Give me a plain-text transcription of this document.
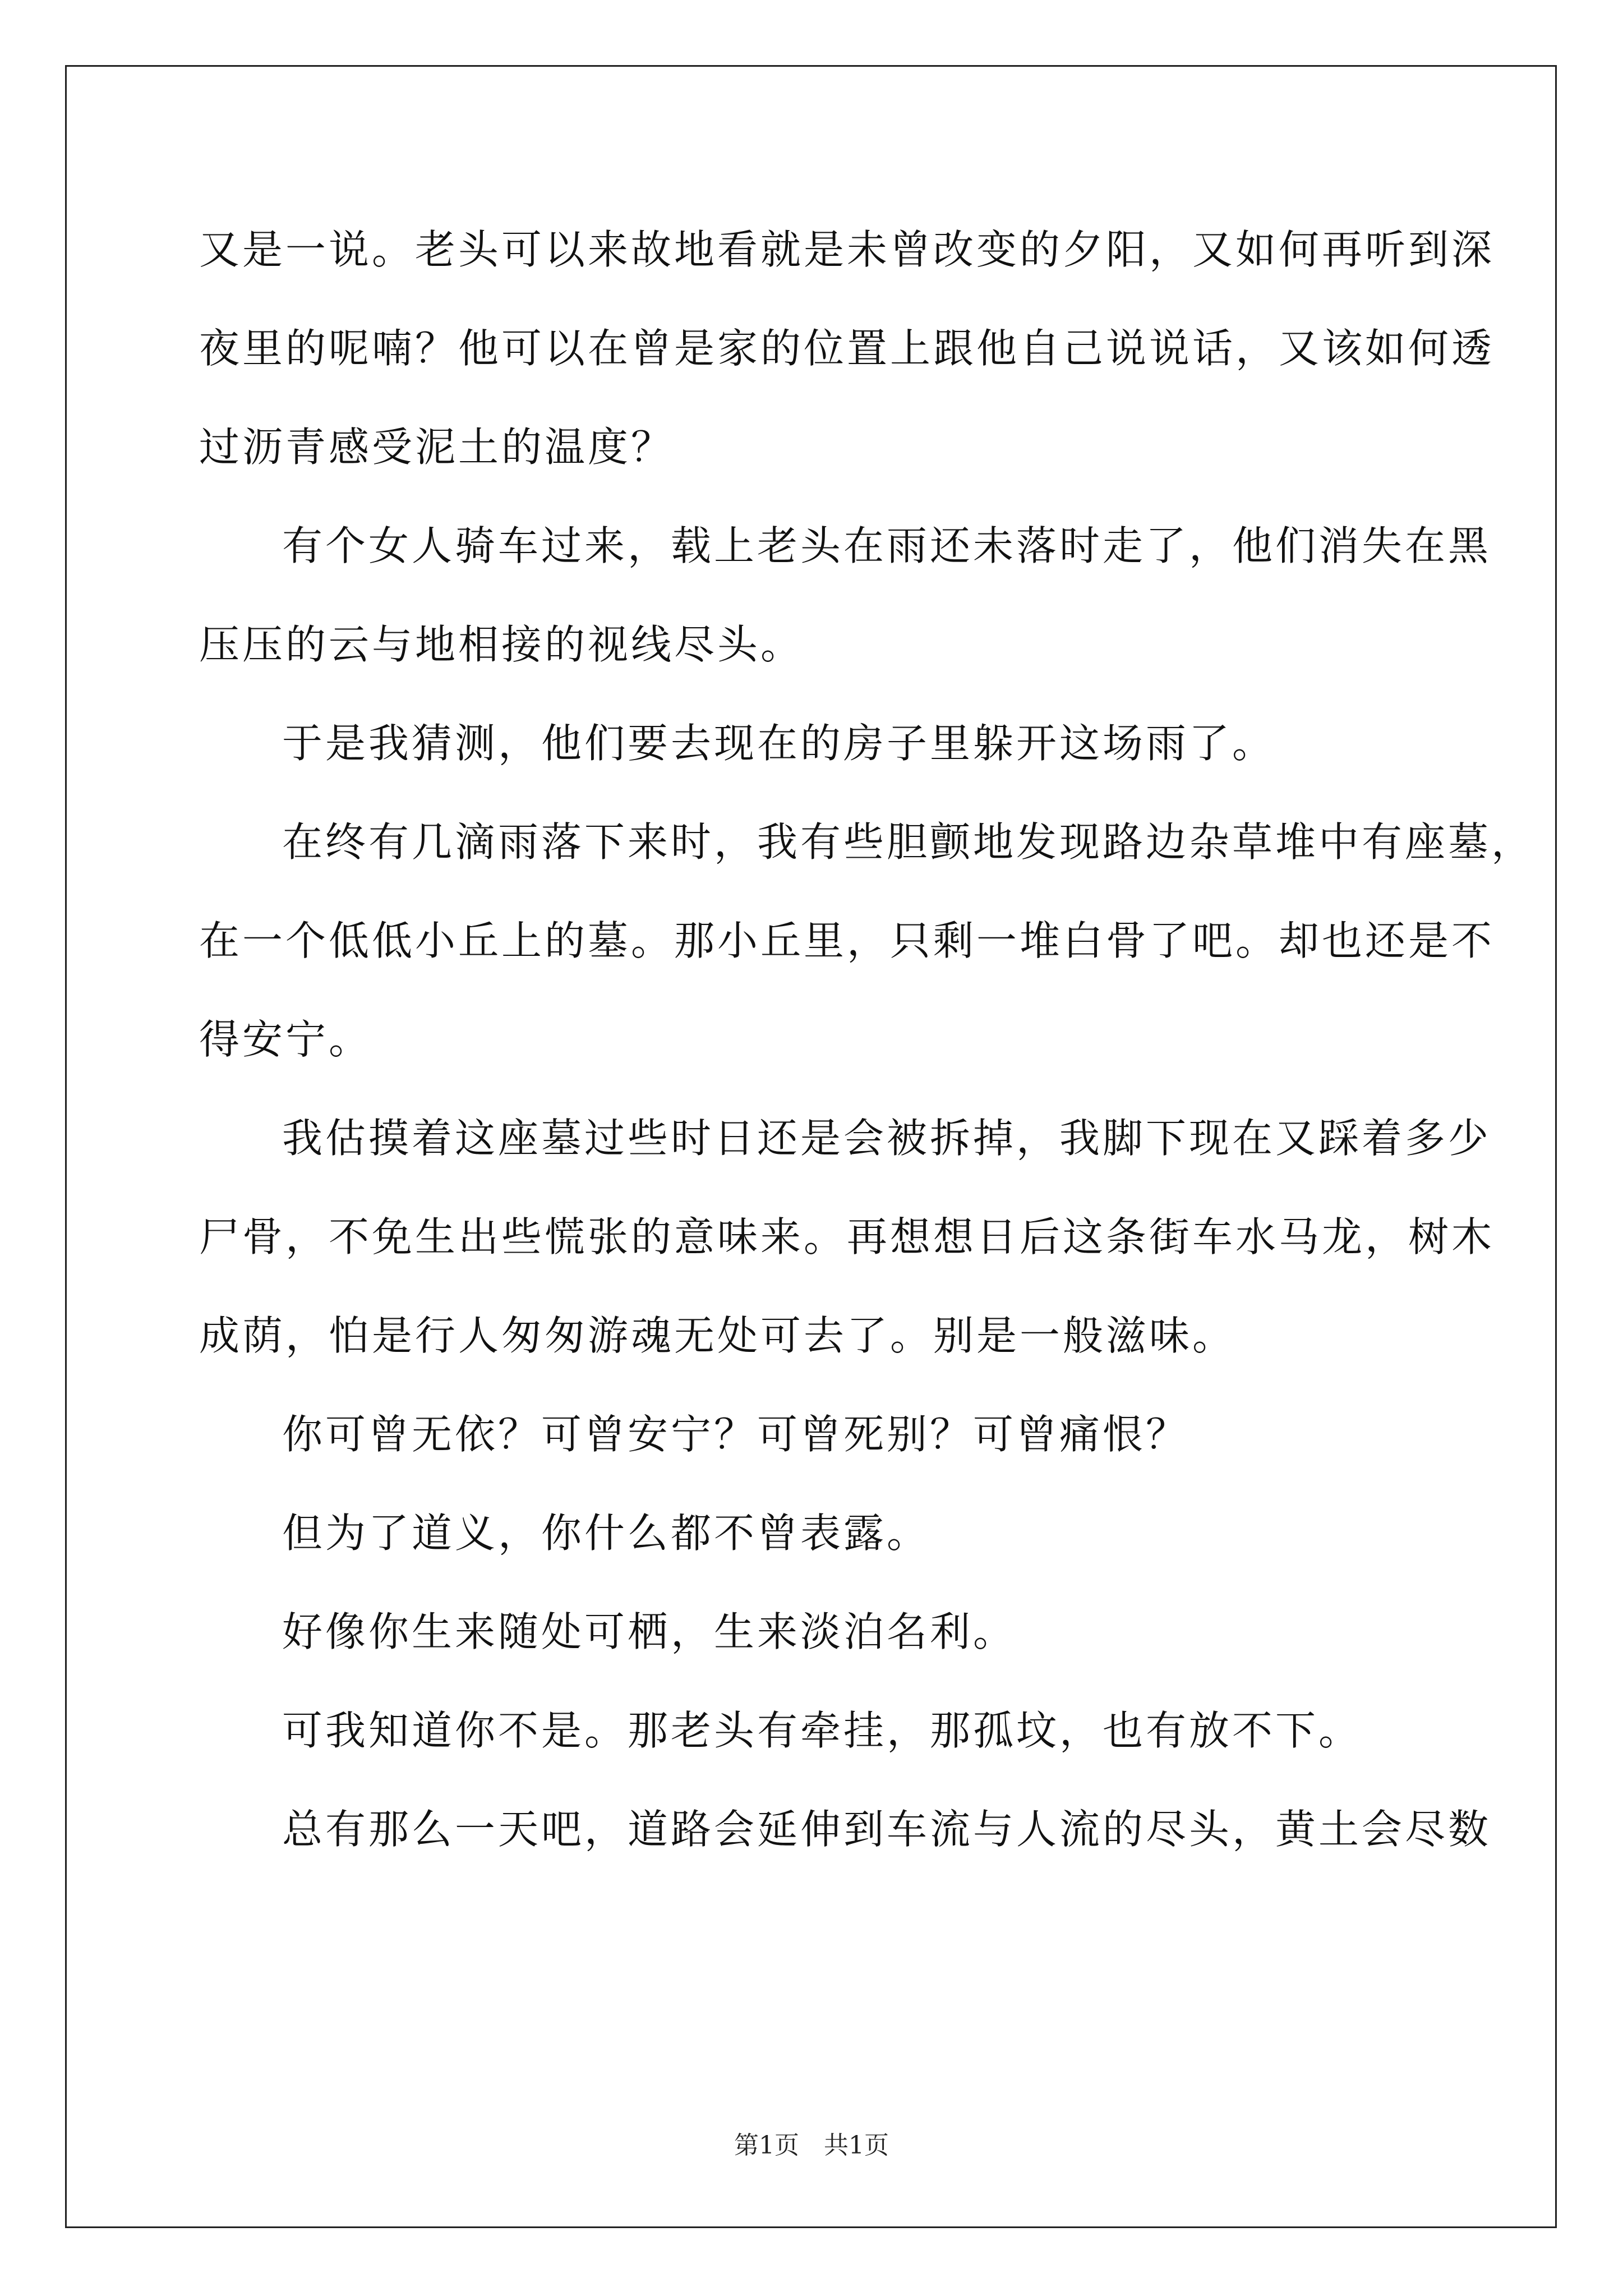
又是一说。老头可以来故地看就是未曾改变的夕阳，又如何再听到深
夜里的呢喃？他可以在曾是家的位置上跟他自己说说话，又该如何透
过沥青感受泥土的温度？
有个女人骑车过来，载上老头在雨还未落时走了，他们消失在黑
压压的云与地相接的视线尽头。
于是我猜测，他们要去现在的房子里躲开这场雨了。
在终有几滴雨落下来时，我有些胆颤地发现路边杂草堆中有座墓，
在一个低低小丘上的墓。那小丘里，只剩一堆白骨了吧。却也还是不
得安宁。
我估摸着这座墓过些时日还是会被拆掉，我脚下现在又踩着多少
尸骨，不免生出些慌张的意味来。再想想日后这条街车水马龙，树木
成荫，怕是行人匆匆游魂无处可去了。别是一般滋味。
你可曾无依？可曾安宁？可曾死别？可曾痛恨？
但为了道义，你什么都不曾表露。
好像你生来随处可栖，生来淡泊名利。
可我知道你不是。那老头有牵挂，那孤坟，也有放不下。
总有那么一天吧，道路会延伸到车流与人流的尽头，黄土会尽数
第1页　共1页
